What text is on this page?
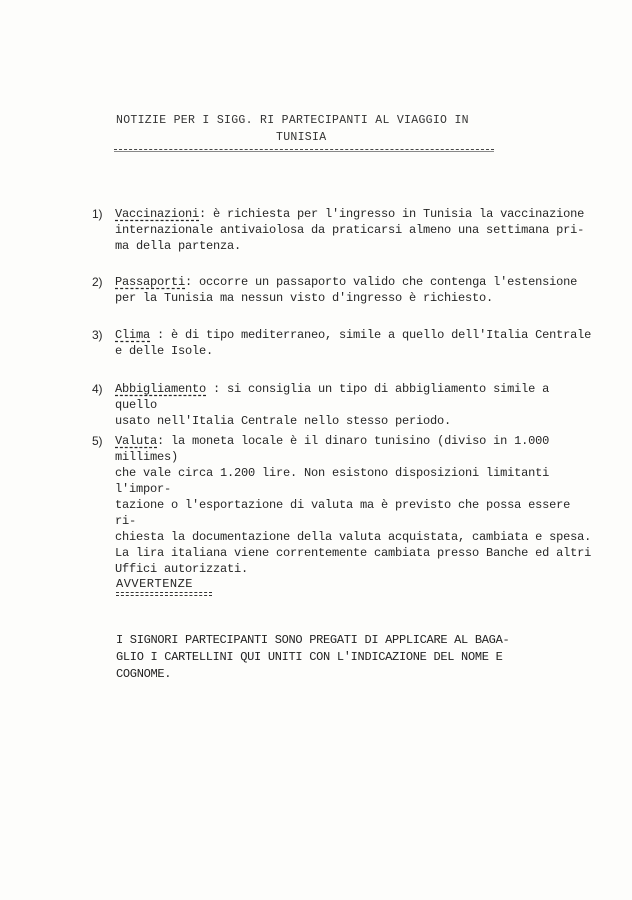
NOTIZIE PER I SIGG. RI PARTECIPANTI AL VIAGGIO IN
TUNISIA
1) Vaccinazioni: è richiesta per l'ingresso in Tunisia la vaccinazione
internazionale antivaiolosa da praticarsi almeno una settimana pri-
ma della partenza.
2) Passaporti: occorre un passaporto valido che contenga l'estensione
per la Tunisia ma nessun visto d'ingresso è richiesto.
3) Clima : è di tipo mediterraneo, simile a quello dell'Italia Centrale
e delle Isole.
4) Abbigliamento : si consiglia un tipo di abbigliamento simile a quello
usato nell'Italia Centrale nello stesso periodo.
5) Valuta: la moneta locale è il dinaro tunisino (diviso in 1.000 millimes)
che vale circa 1.200 lire. Non esistono disposizioni limitanti l'impor-
tazione o l'esportazione di valuta ma è previsto che possa essere ri-
chiesta la documentazione della valuta acquistata, cambiata e spesa.
La lira italiana viene correntemente cambiata presso Banche ed altri
Uffici autorizzati.
AVVERTENZE
I SIGNORI PARTECIPANTI SONO PREGATI DI APPLICARE AL BAGA-
GLIO I CARTELLINI QUI UNITI CON L'INDICAZIONE DEL NOME E
COGNOME.
